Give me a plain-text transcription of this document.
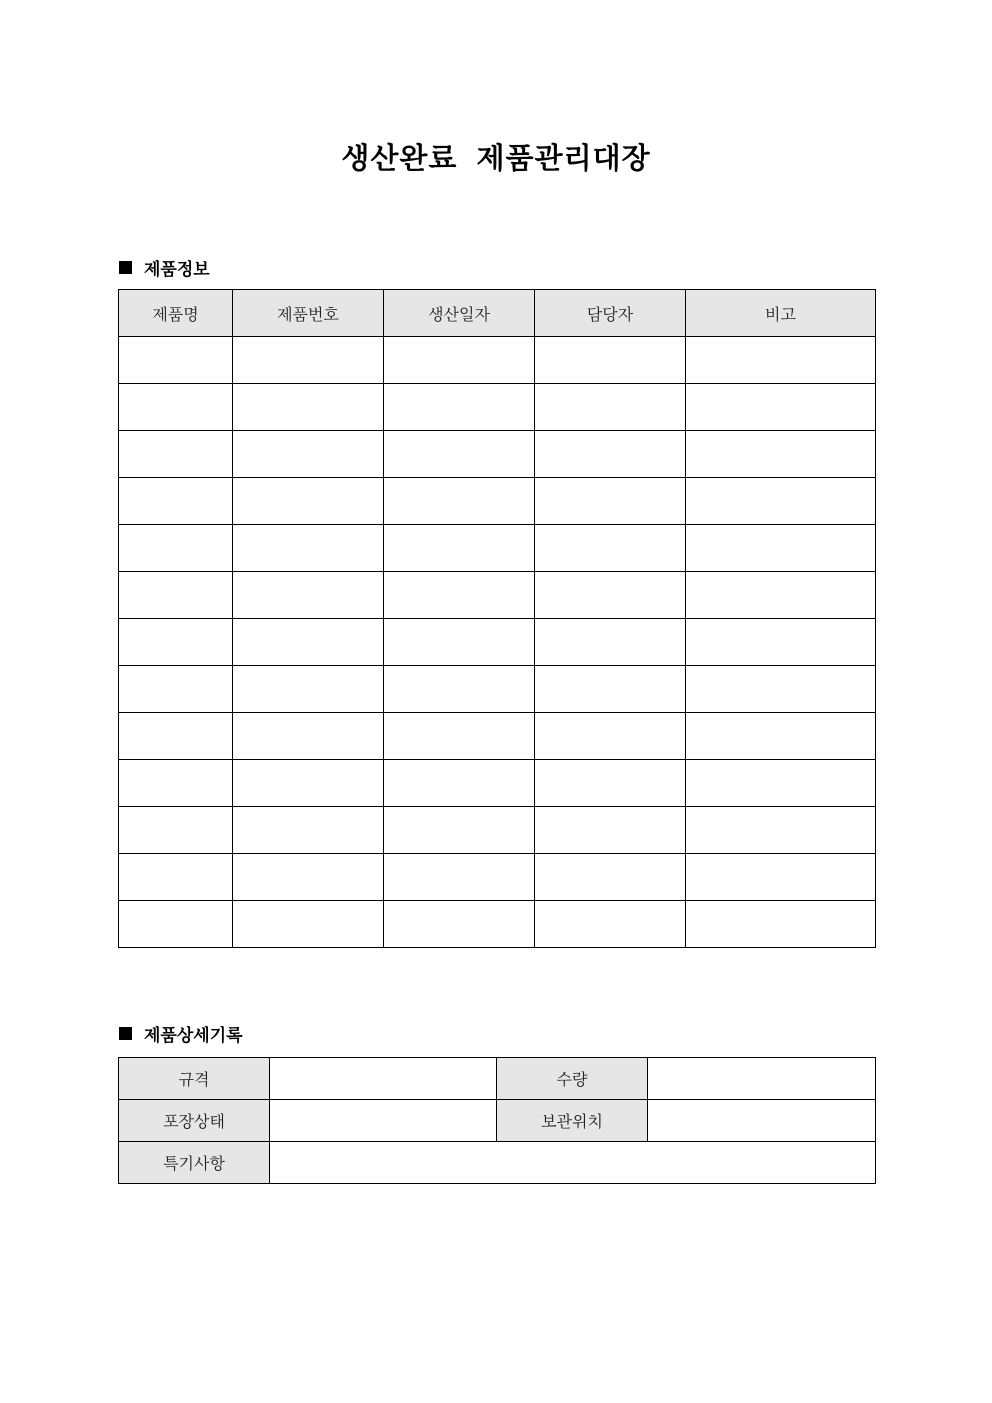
생산완료 제품관리대장
제품정보
제품명	제품번호	생산일자	담당자	비고

제품상세기록
규격		수량	
포장상태		보관위치	
특기사항			
